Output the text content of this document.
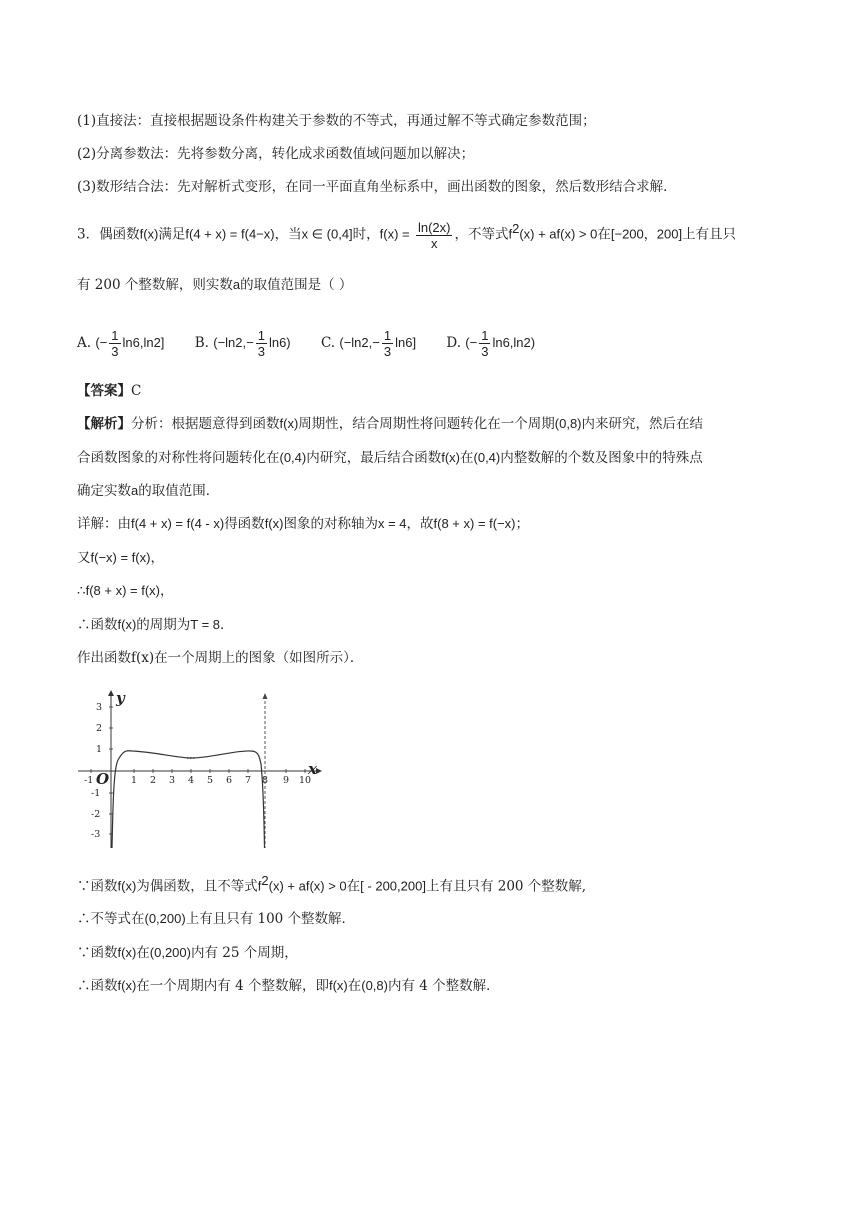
(1)直接法：直接根据题设条件构建关于参数的不等式，再通过解不等式确定参数范围；
(2)分离参数法：先将参数分离，转化成求函数值域问题加以解决；
(3)数形结合法：先对解析式变形，在同一平面直角坐标系中，画出函数的图象，然后数形结合求解．
3．偶函数f(x)满足f(4 + x) = f(4−x)，当x ∈ (0,4]时，$f(x) = \frac{\ln(2x)}{x}$ ，不等式$f^2(x) + af(x) > 0$在[−200，200]上有且只
有 200 个整数解，则实数a的取值范围是（ ）
A. (− $\frac{1}{3} \ln 6,\ln 2$] B. $(-\ln 2,- \frac{1}{3} \ln 6)$ C. $(-\ln 2,- \frac{1}{3} \ln 6]$ D. (− $\frac{1}{3} \ln 6,\ln 2$)
【答案】C
【解析】分析：根据题意得到函数f(x)周期性，结合周期性将问题转化在一个周期(0,8)内来研究，然后在结
合函数图象的对称性将问题转化在(0,4)内研究，最后结合函数f(x)在(0,4)内整数解的个数及图象中的特殊点
确定实数a的取值范围．
详解：由f(4 + x) = f(4 - x)得函数f(x)图象的对称轴为x = 4，故f(8 + x) = f(−x)；
又f(−x) = f(x)，
∴f(8 + x) = f(x)，
∴函数f(x)的周期为T = 8．
作出函数f(x)在一个周期上的图象（如图所示）．
y
x
O
3
2
1
-1
-2
-3
-1	1 2 3 4 5 6 7 8 9 10
∵函数f(x)为偶函数，且不等式$f^2(x) + af(x) > 0$在[ - 200,200]上有且只有 200 个整数解,
∴不等式在(0,200)上有且只有 100 个整数解．
∵函数f(x)在(0,200)内有 25 个周期，
∴函数f(x)在一个周期内有 4 个整数解，即f(x)在(0,8)内有 4 个整数解．
